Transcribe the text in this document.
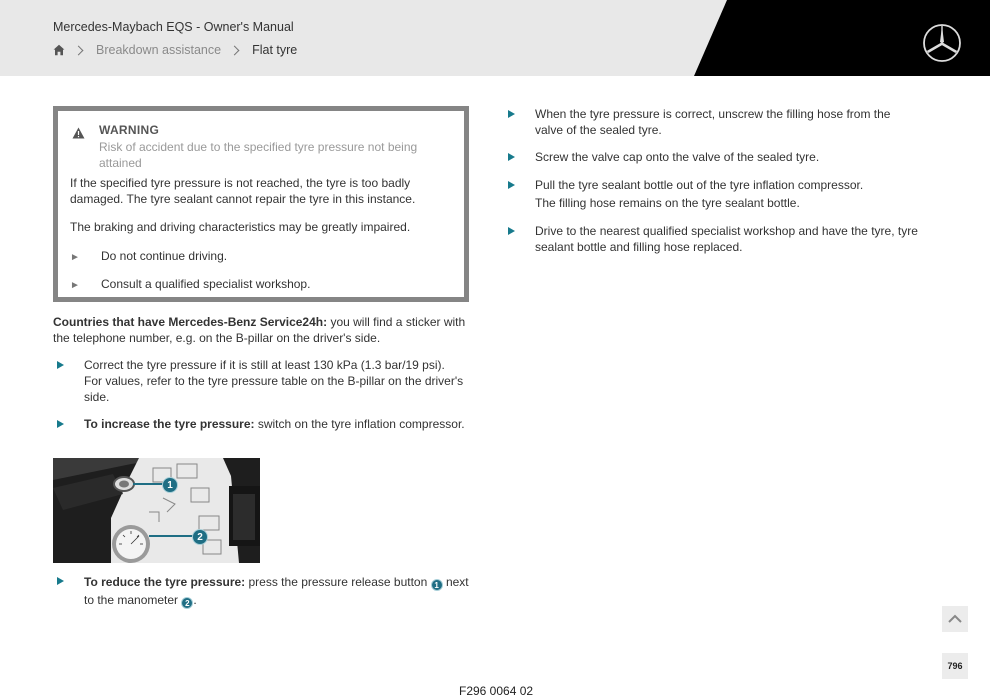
Mercedes-Maybach EQS - Owner's Manual
Breakdown assistance Flat tyre
WARNING
Risk of accident due to the specified tyre pressure not being attained
If the specified tyre pressure is not reached, the tyre is too badly damaged. The tyre sealant cannot repair the tyre in this instance.
The braking and driving characteristics may be greatly impaired.
► Do not continue driving.
► Consult a qualified specialist workshop.
Countries that have Mercedes-Benz Service24h: you will find a sticker with the telephone number, e.g. on the B-pillar on the driver's side.
Correct the tyre pressure if it is still at least 130 kPa (1.3 bar/19 psi).
For values, refer to the tyre pressure table on the B-pillar on the driver's side.
To increase the tyre pressure: switch on the tyre inflation compressor.
1
2
To reduce the tyre pressure: press the pressure release button 1 next to the manometer 2 .
When the tyre pressure is correct, unscrew the filling hose from the valve of the sealed tyre.
Screw the valve cap onto the valve of the sealed tyre.
Pull the tyre sealant bottle out of the tyre inflation compressor.
The filling hose remains on the tyre sealant bottle.
Drive to the nearest qualified specialist workshop and have the tyre, tyre sealant bottle and filling hose replaced.
796
F296 0064 02
